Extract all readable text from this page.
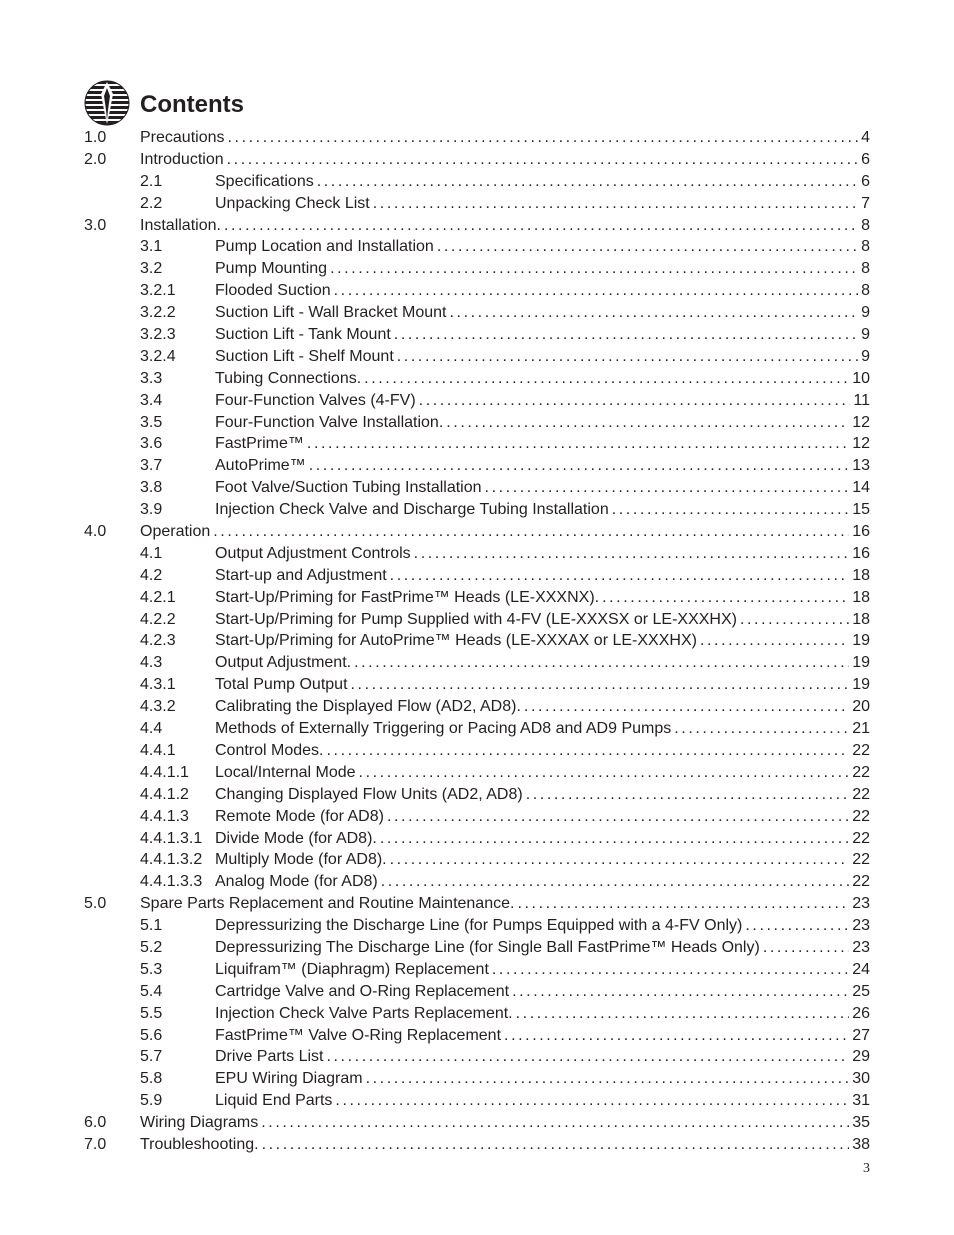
Contents
1.0	Precautions .....	4
2.0	Introduction .....	6
2.1	Specifications .....	6
2.2	Unpacking Check List .....	7
3.0	Installation. .....	8
3.1	Pump Location and Installation .....	8
3.2	Pump Mounting .....	8
3.2.1	Flooded Suction .....	8
3.2.2	Suction Lift - Wall Bracket Mount .....	9
3.2.3	Suction Lift - Tank Mount .....	9
3.2.4	Suction Lift - Shelf Mount .....	9
3.3	Tubing Connections. .....	10
3.4	Four-Function Valves (4-FV) .....	11
3.5	Four-Function Valve Installation. .....	12
3.6	FastPrime™ .....	12
3.7	AutoPrime™ .....	13
3.8	Foot Valve/Suction Tubing Installation .....	14
3.9	Injection Check Valve and Discharge Tubing Installation .....	15
4.0	Operation .....	16
4.1	Output Adjustment Controls .....	16
4.2	Start-up and Adjustment .....	18
4.2.1	Start-Up/Priming for FastPrime™ Heads (LE-XXXNX). .....	18
4.2.2	Start-Up/Priming for Pump Supplied with 4-FV (LE-XXXSX or LE-XXXHX) .....	18
4.2.3	Start-Up/Priming for AutoPrime™ Heads (LE-XXXAX or LE-XXXHX) .....	19
4.3	Output Adjustment. .....	19
4.3.1	Total Pump Output .....	19
4.3.2	Calibrating the Displayed Flow (AD2, AD8). .....	20
4.4	Methods of Externally Triggering or Pacing AD8 and AD9 Pumps .....	21
4.4.1	Control Modes. .....	22
4.4.1.1	Local/Internal Mode .....	22
4.4.1.2	Changing Displayed Flow Units (AD2, AD8) .....	22
4.4.1.3	Remote Mode (for AD8) .....	22
4.4.1.3.1 Divide Mode (for AD8). .....	22
4.4.1.3.2 Multiply Mode (for AD8). .....	22
4.4.1.3.3 Analog Mode (for AD8) .....	22
5.0	Spare Parts Replacement and Routine Maintenance. .....	23
5.1	Depressurizing the Discharge Line (for Pumps Equipped with a 4-FV Only) .....	23
5.2	Depressurizing The Discharge Line (for Single Ball FastPrime™ Heads Only) .....	23
5.3	Liquifram™ (Diaphragm) Replacement .....	24
5.4	Cartridge Valve and O-Ring Replacement .....	25
5.5	Injection Check Valve Parts Replacement. .....	26
5.6	FastPrime™ Valve O-Ring Replacement .....	27
5.7	Drive Parts List .....	29
5.8	EPU Wiring Diagram .....	30
5.9	Liquid End Parts .....	31
6.0	Wiring Diagrams .....	35
7.0	Troubleshooting. .....	38
3
